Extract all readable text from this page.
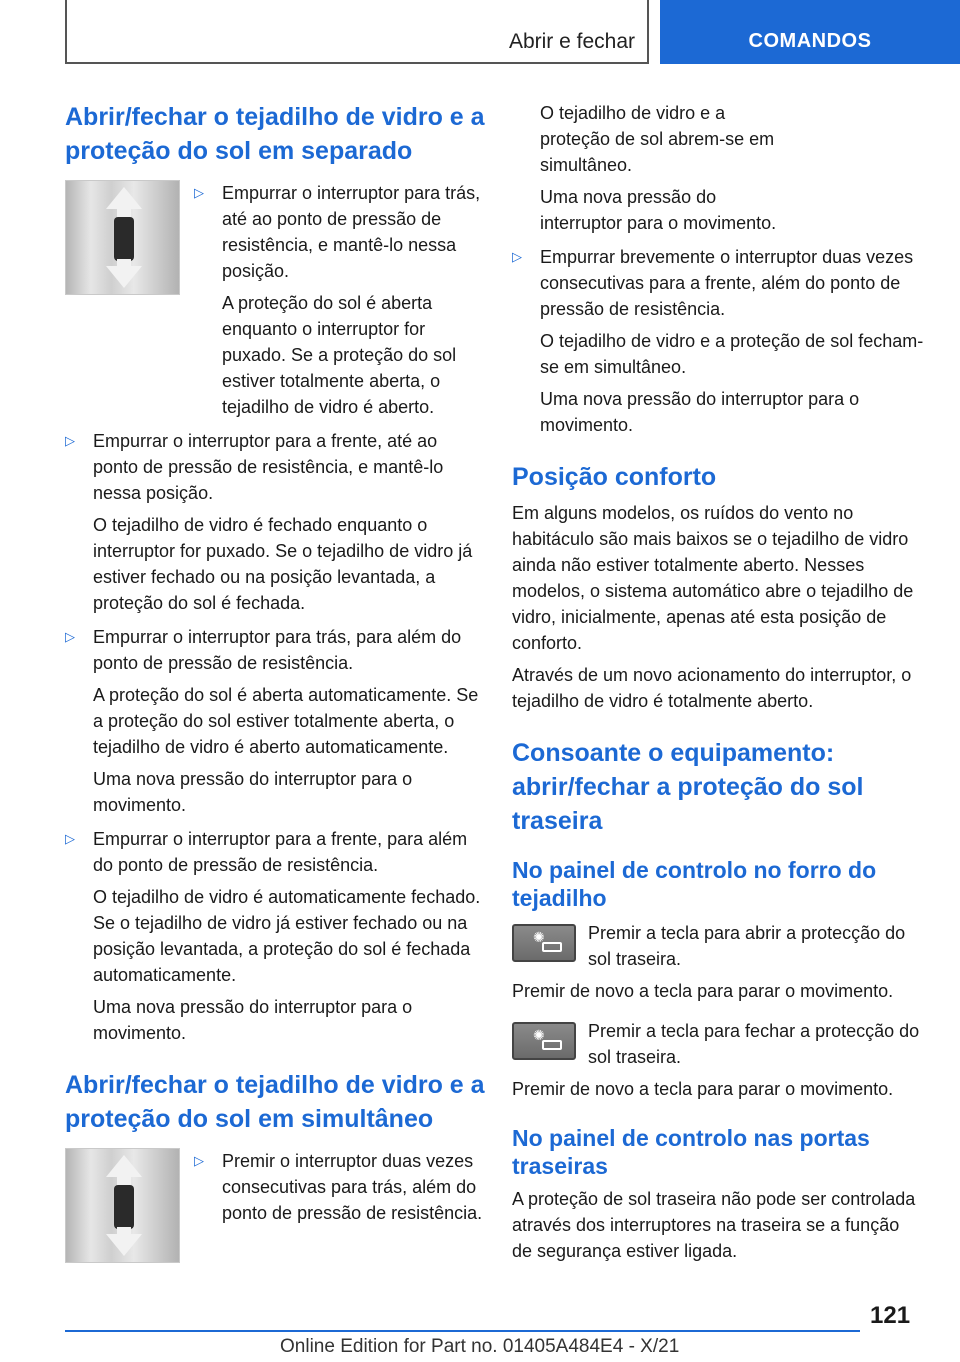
Abrir e fechar	COMANDOS
Abrir/fechar o tejadilho de vidro e a proteção do sol em separado

▷ Empurrar o interruptor para trás, até ao ponto de pressão de resistência, e mantê-lo nessa posição.

A proteção do sol é aberta enquanto o interruptor for puxado. Se a proteção do sol estiver totalmente aberta, o tejadilho de vidro é aberto.

▷ Empurrar o interruptor para a frente, até ao ponto de pressão de resistência, e mantê-lo nessa posição.

O tejadilho de vidro é fechado enquanto o interruptor for puxado. Se o tejadilho de vidro já estiver fechado ou na posição levantada, a proteção do sol é fechada.

▷ Empurrar o interruptor para trás, para além do ponto de pressão de resistência.

A proteção do sol é aberta automaticamente. Se a proteção do sol estiver totalmente aberta, o tejadilho de vidro é aberto automaticamente.

Uma nova pressão do interruptor para o movimento.

▷ Empurrar o interruptor para a frente, para além do ponto de pressão de resistência.

O tejadilho de vidro é automaticamente fechado. Se o tejadilho de vidro já estiver fechado ou na posição levantada, a proteção do sol é fechada automaticamente.

Uma nova pressão do interruptor para o movimento.

Abrir/fechar o tejadilho de vidro e a proteção do sol em simultâneo

▷ Premir o interruptor duas vezes consecutivas para trás, além do ponto de pressão de resistência.

O tejadilho de vidro e a proteção de sol abrem-se em simultâneo.

Uma nova pressão do interruptor para o movimento.

▷ Empurrar brevemente o interruptor duas vezes consecutivas para a frente, além do ponto de pressão de resistência.

O tejadilho de vidro e a proteção de sol fecham-se em simultâneo.

Uma nova pressão do interruptor para o movimento.

Posição conforto

Em alguns modelos, os ruídos do vento no habitáculo são mais baixos se o tejadilho de vidro ainda não estiver totalmente aberto. Nesses modelos, o sistema automático abre o tejadilho de vidro, inicialmente, apenas até esta posição de conforto.

Através de um novo acionamento do interruptor, o tejadilho de vidro é totalmente aberto.

Consoante o equipamento: abrir/fechar a proteção do sol traseira
No painel de controlo no forro do tejadilho
✺ Premir a tecla para abrir a protecção do sol traseira.

Premir de novo a tecla para parar o movimento.

✺ Premir a tecla para fechar a protecção do sol traseira.

Premir de novo a tecla para parar o movimento.

No painel de controlo nas portas traseiras

A proteção de sol traseira não pode ser controlada através dos interruptores na traseira se a função de segurança estiver ligada.

121
Online Edition for Part no. 01405A484E4 - X/21
